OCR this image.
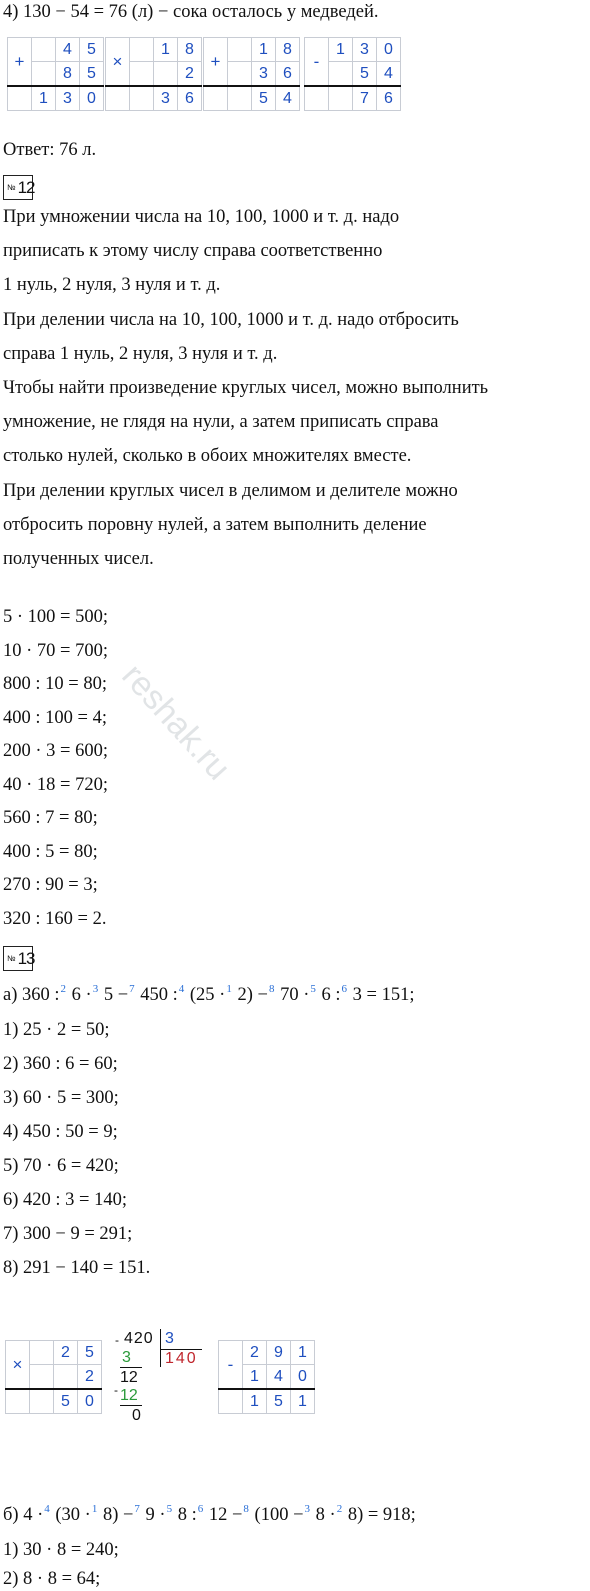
4) 130 − 54 = 76 (л) − сока осталось у медведей.
+		4	5
		8	5
	1	3	0
×		1	8
			2
		3	6
+		1	8
		3	6
		5	4
-	1	3	0
		5	4
		7	6
Ответ: 76 л.
№ 12
При умножении числа на 10, 100, 1000 и т. д. надо
приписать к этому числу справа соответственно
1 нуль, 2 нуля, 3 нуля и т. д.
При делении числа на 10, 100, 1000 и т. д. надо отбросить
справа 1 нуль, 2 нуля, 3 нуля и т. д.
Чтобы найти произведение круглых чисел, можно выполнить
умножение, не глядя на нули, а затем приписать справа
столько нулей, сколько в обоих множителях вместе.
При делении круглых чисел в делимом и делителе можно
отбросить поровну нулей, а затем выполнить деление
полученных чисел.
5 · 100 = 500;
10 · 70 = 700;
800 : 10 = 80;
400 : 100 = 4;
200 · 3 = 600;
40 · 18 = 720;
560 : 7 = 80;
400 : 5 = 80;
270 : 90 = 3;
320 : 160 = 2.
reshak.ru
№ 13
а) 360 :$^2$ 6 ·$^3$ 5 −$^7$ 450 :$^4$ (25 ·$^1$ 2) −$^8$ 70 ·$^5$ 6 :$^6$ 3 = 151;
1) 25 · 2 = 50;
2) 360 : 6 = 60;
3) 60 · 5 = 300;
4) 450 : 50 = 9;
5) 70 · 6 = 420;
6) 420 : 3 = 140;
7) 300 − 9 = 291;
8) 291 − 140 = 151.
×		2	5
			2
		5	0
-	2	9	1
	1	4	0
	1	5	1
- 420 3
140
3
12
- 12
0
б) 4 ·$^4$ (30 ·$^1$ 8) −$^7$ 9 ·$^5$ 8 :$^6$ 12 −$^8$ (100 −$^3$ 8 ·$^2$ 8) = 918;
1) 30 · 8 = 240;
2) 8 · 8 = 64;
